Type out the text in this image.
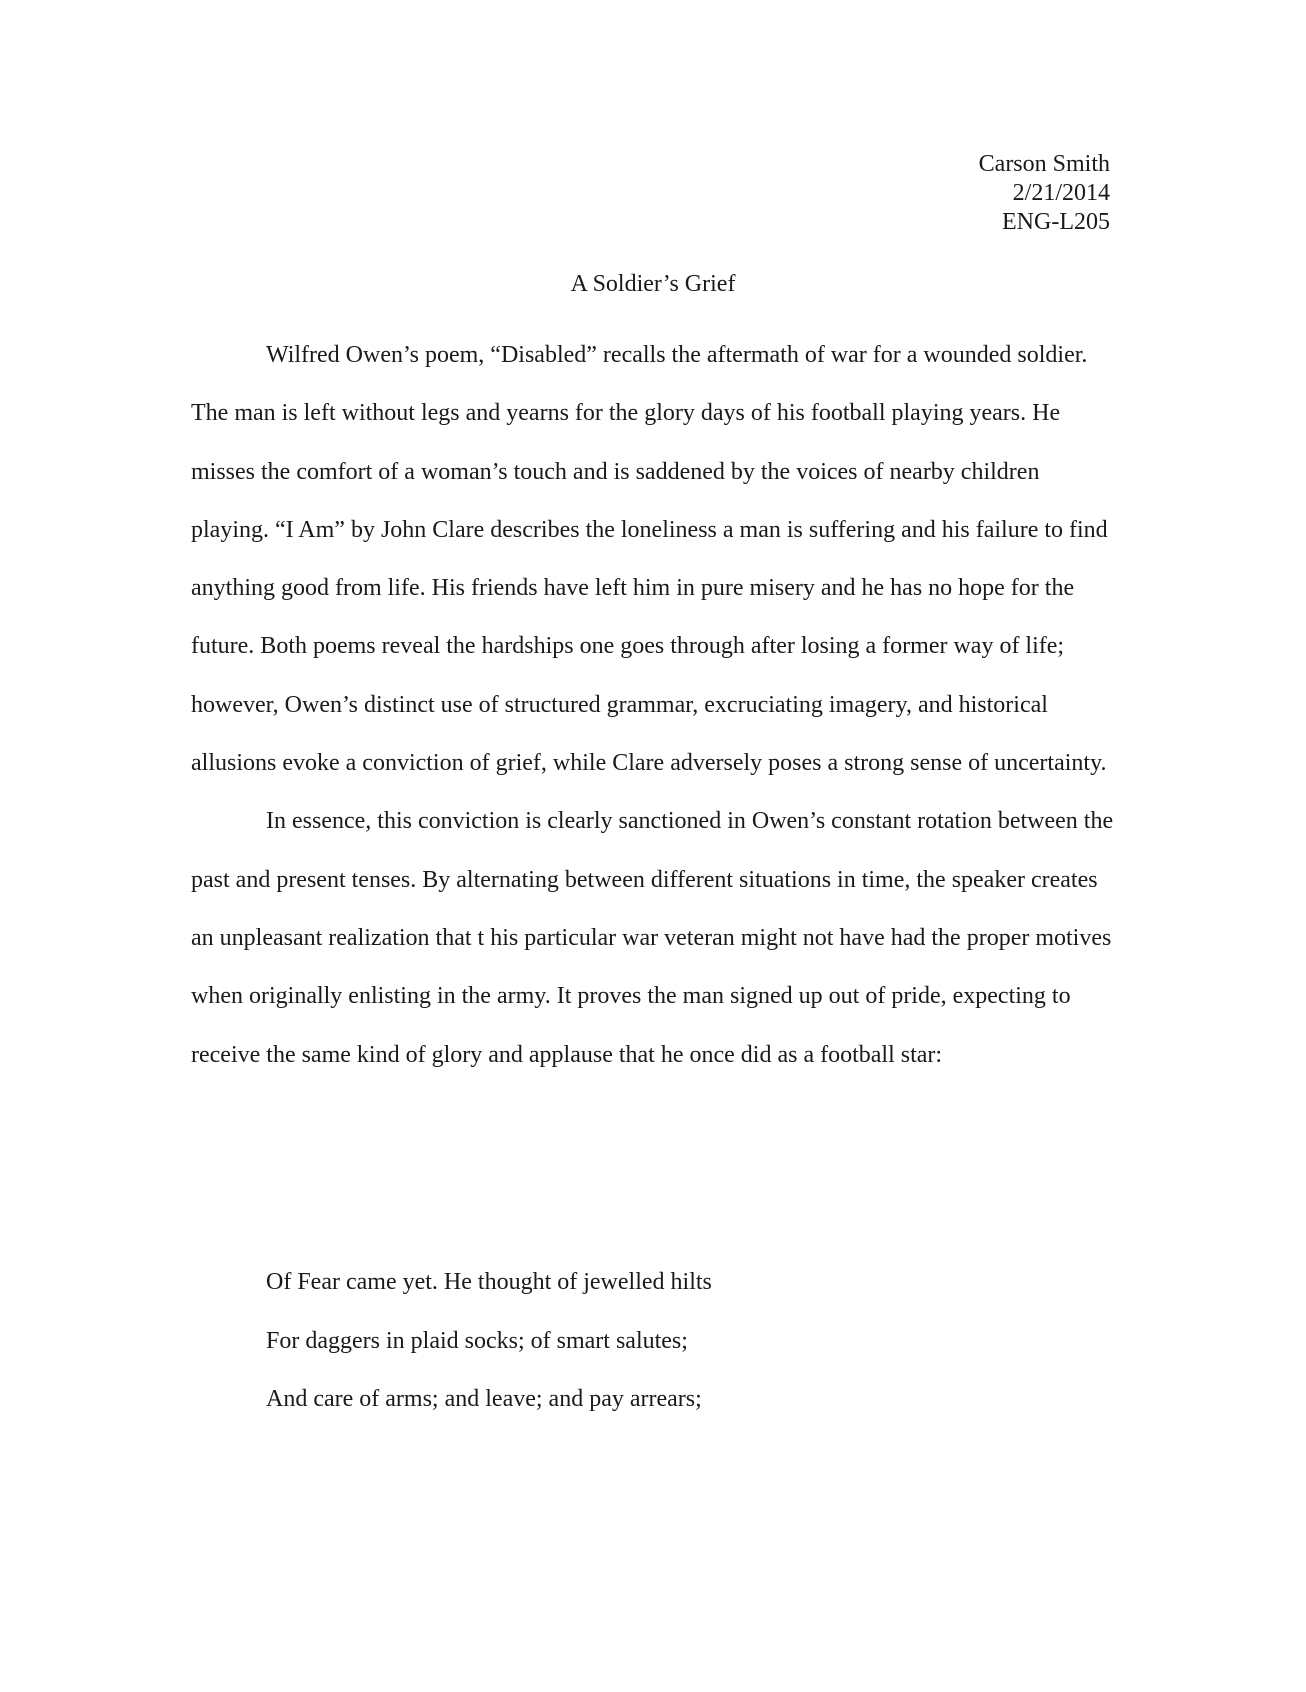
Carson Smith
2/21/2014
ENG-L205
A Soldier’s Grief

Wilfred Owen’s poem, “Disabled” recalls the aftermath of war for a wounded soldier. The man is left without legs and yearns for the glory days of his football playing years. He misses the comfort of a woman’s touch and is saddened by the voices of nearby children playing. “I Am” by John Clare describes the loneliness a man is suffering and his failure to find anything good from life. His friends have left him in pure misery and he has no hope for the future. Both poems reveal the hardships one goes through after losing a former way of life; however, Owen’s distinct use of structured grammar, excruciating imagery, and historical allusions evoke a conviction of grief, while Clare adversely poses a strong sense of uncertainty.

In essence, this conviction is clearly sanctioned in Owen’s constant rotation between the past and present tenses. By alternating between different situations in time, the speaker creates an unpleasant realization that t his particular war veteran might not have had the proper motives when originally enlisting in the army. It proves the man signed up out of pride, expecting to receive the same kind of glory and applause that he once did as a football star:

Of Fear came yet. He thought of jewelled hilts
For daggers in plaid socks; of smart salutes;
And care of arms; and leave; and pay arrears;
